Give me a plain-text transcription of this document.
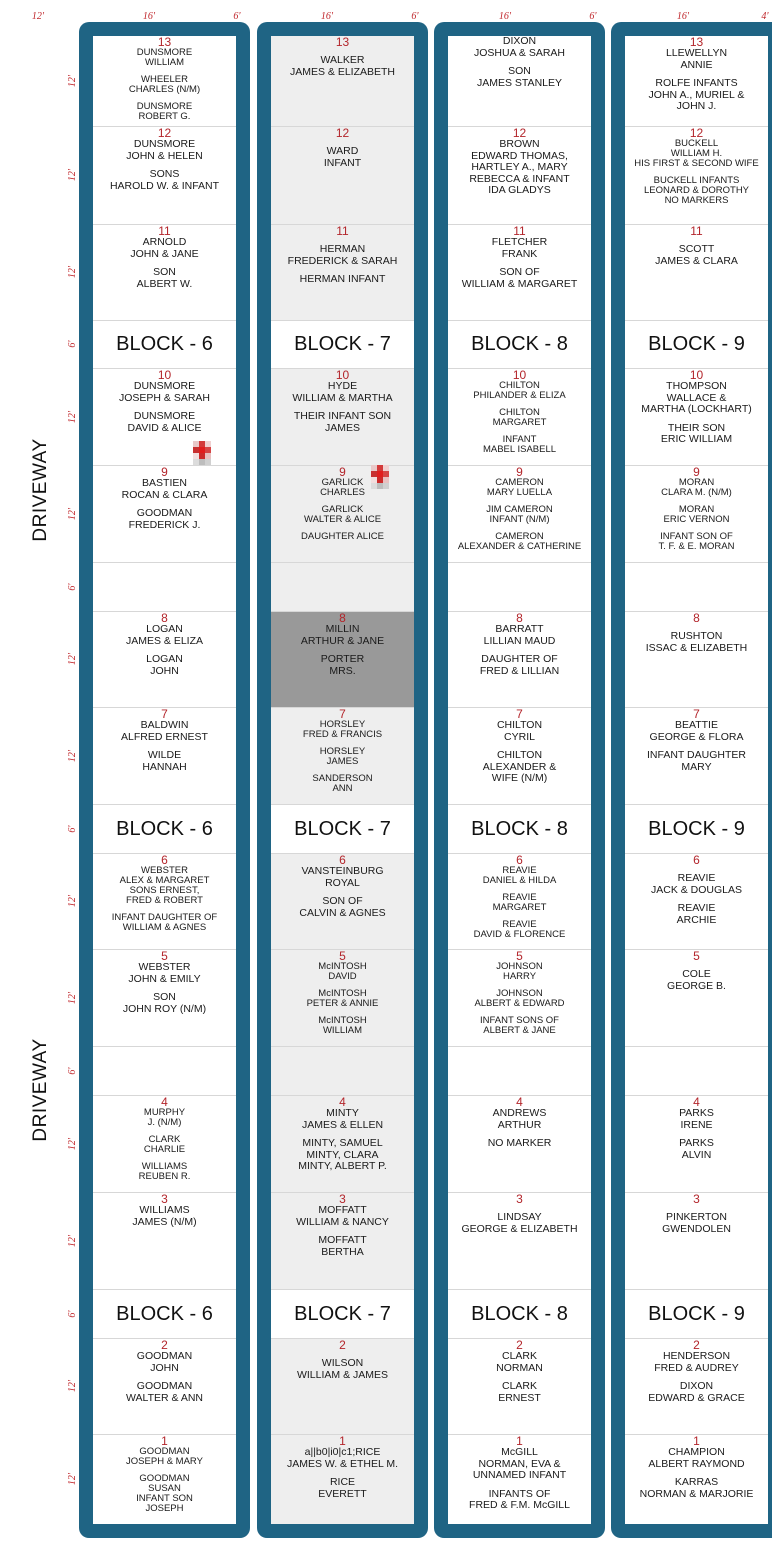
12'	16'	6'	16'	6'	16'	6'	16'	4'
12'
12'
12'
6'
12'
12'
6'
12'
12'
6'
12'
12'
6'
12'
12'
6'
12'
12'
DRIVEWAY
DRIVEWAY
13
DUNSMORE
WILLIAM
WHEELER
CHARLES (N/M)
DUNSMORE
ROBERT G.
12
DUNSMORE
JOHN & HELEN
SONS
HAROLD W. & INFANT
11
ARNOLD
JOHN & JANE
SON
ALBERT W.
BLOCK - 6
10
DUNSMORE
JOSEPH & SARAH
DUNSMORE
DAVID & ALICE
9
BASTIEN
ROCAN & CLARA
GOODMAN
FREDERICK J.
8
LOGAN
JAMES & ELIZA
LOGAN
JOHN
7
BALDWIN
ALFRED ERNEST
WILDE
HANNAH
BLOCK - 6
6
WEBSTER
ALEX & MARGARET
SONS ERNEST,
FRED & ROBERT
INFANT DAUGHTER OF
WILLIAM & AGNES
5
WEBSTER
JOHN & EMILY
SON
JOHN ROY (N/M)
4
MURPHY
J. (N/M)
CLARK
CHARLIE
WILLIAMS
REUBEN R.
3
WILLIAMS
JAMES (N/M)
BLOCK - 6
2
GOODMAN
JOHN
GOODMAN
WALTER & ANN
1
GOODMAN
JOSEPH & MARY
GOODMAN
SUSAN
INFANT SON
JOSEPH
13
WALKER
JAMES & ELIZABETH
12
WARD
INFANT
11
HERMAN
FREDERICK & SARAH
HERMAN INFANT
BLOCK - 7
10
HYDE
WILLIAM & MARTHA
THEIR INFANT SON
JAMES
9
GARLICK
CHARLES
GARLICK
WALTER & ALICE
DAUGHTER ALICE
8
MILLIN
ARTHUR & JANE
PORTER
MRS.
7
HORSLEY
FRED & FRANCIS
HORSLEY
JAMES
SANDERSON
ANN
BLOCK - 7
6
VANSTEINBURG
ROYAL
SON OF
CALVIN & AGNES
5
McINTOSH
DAVID
McINTOSH
PETER & ANNIE
McINTOSH
WILLIAM
4
MINTY
JAMES & ELLEN
MINTY, SAMUEL
MINTY, CLARA
MINTY, ALBERT P.
3
MOFFATT
WILLIAM & NANCY
MOFFATT
BERTHA
BLOCK - 7
2
WILSON
WILLIAM & JAMES
1
a||b0|i0|c1;RICE
JAMES W. & ETHEL M.
RICE
EVERETT
DIXON
JOSHUA & SARAH
SON
JAMES STANLEY
12
BROWN
EDWARD THOMAS,
HARTLEY A., MARY
REBECCA & INFANT
IDA GLADYS
11
FLETCHER
FRANK
SON OF
WILLIAM & MARGARET
BLOCK - 8
10
CHILTON
PHILANDER & ELIZA
CHILTON
MARGARET
INFANT
MABEL ISABELL
9
CAMERON
MARY LUELLA
JIM CAMERON
INFANT (N/M)
CAMERON
ALEXANDER & CATHERINE
8
BARRATT
LILLIAN MAUD
DAUGHTER OF
FRED & LILLIAN
7
CHILTON
CYRIL
CHILTON
ALEXANDER &
WIFE (N/M)
BLOCK - 8
6
REAVIE
DANIEL & HILDA
REAVIE
MARGARET
REAVIE
DAVID & FLORENCE
5
JOHNSON
HARRY
JOHNSON
ALBERT & EDWARD
INFANT SONS OF
ALBERT & JANE
4
ANDREWS
ARTHUR
NO MARKER
3
LINDSAY
GEORGE & ELIZABETH
BLOCK - 8
2
CLARK
NORMAN
CLARK
ERNEST
1
McGILL
NORMAN, EVA &
UNNAMED INFANT
INFANTS OF
FRED & F.M. McGILL
13
LLEWELLYN
ANNIE
ROLFE INFANTS
JOHN A., MURIEL &
JOHN J.
12
BUCKELL
WILLIAM H.
HIS FIRST & SECOND WIFE
BUCKELL INFANTS
LEONARD & DOROTHY
NO MARKERS
11
SCOTT
JAMES & CLARA
BLOCK - 9
10
THOMPSON
WALLACE &
MARTHA (LOCKHART)
THEIR SON
ERIC WILLIAM
9
MORAN
CLARA M. (N/M)
MORAN
ERIC VERNON
INFANT SON OF
T. F. & E. MORAN
8
RUSHTON
ISSAC & ELIZABETH
7
BEATTIE
GEORGE & FLORA
INFANT DAUGHTER
MARY
BLOCK - 9
6
REAVIE
JACK & DOUGLAS
REAVIE
ARCHIE
5
COLE
GEORGE B.
4
PARKS
IRENE
PARKS
ALVIN
3
PINKERTON
GWENDOLEN
BLOCK - 9
2
HENDERSON
FRED & AUDREY
DIXON
EDWARD & GRACE
1
CHAMPION
ALBERT RAYMOND
KARRAS
NORMAN & MARJORIE
